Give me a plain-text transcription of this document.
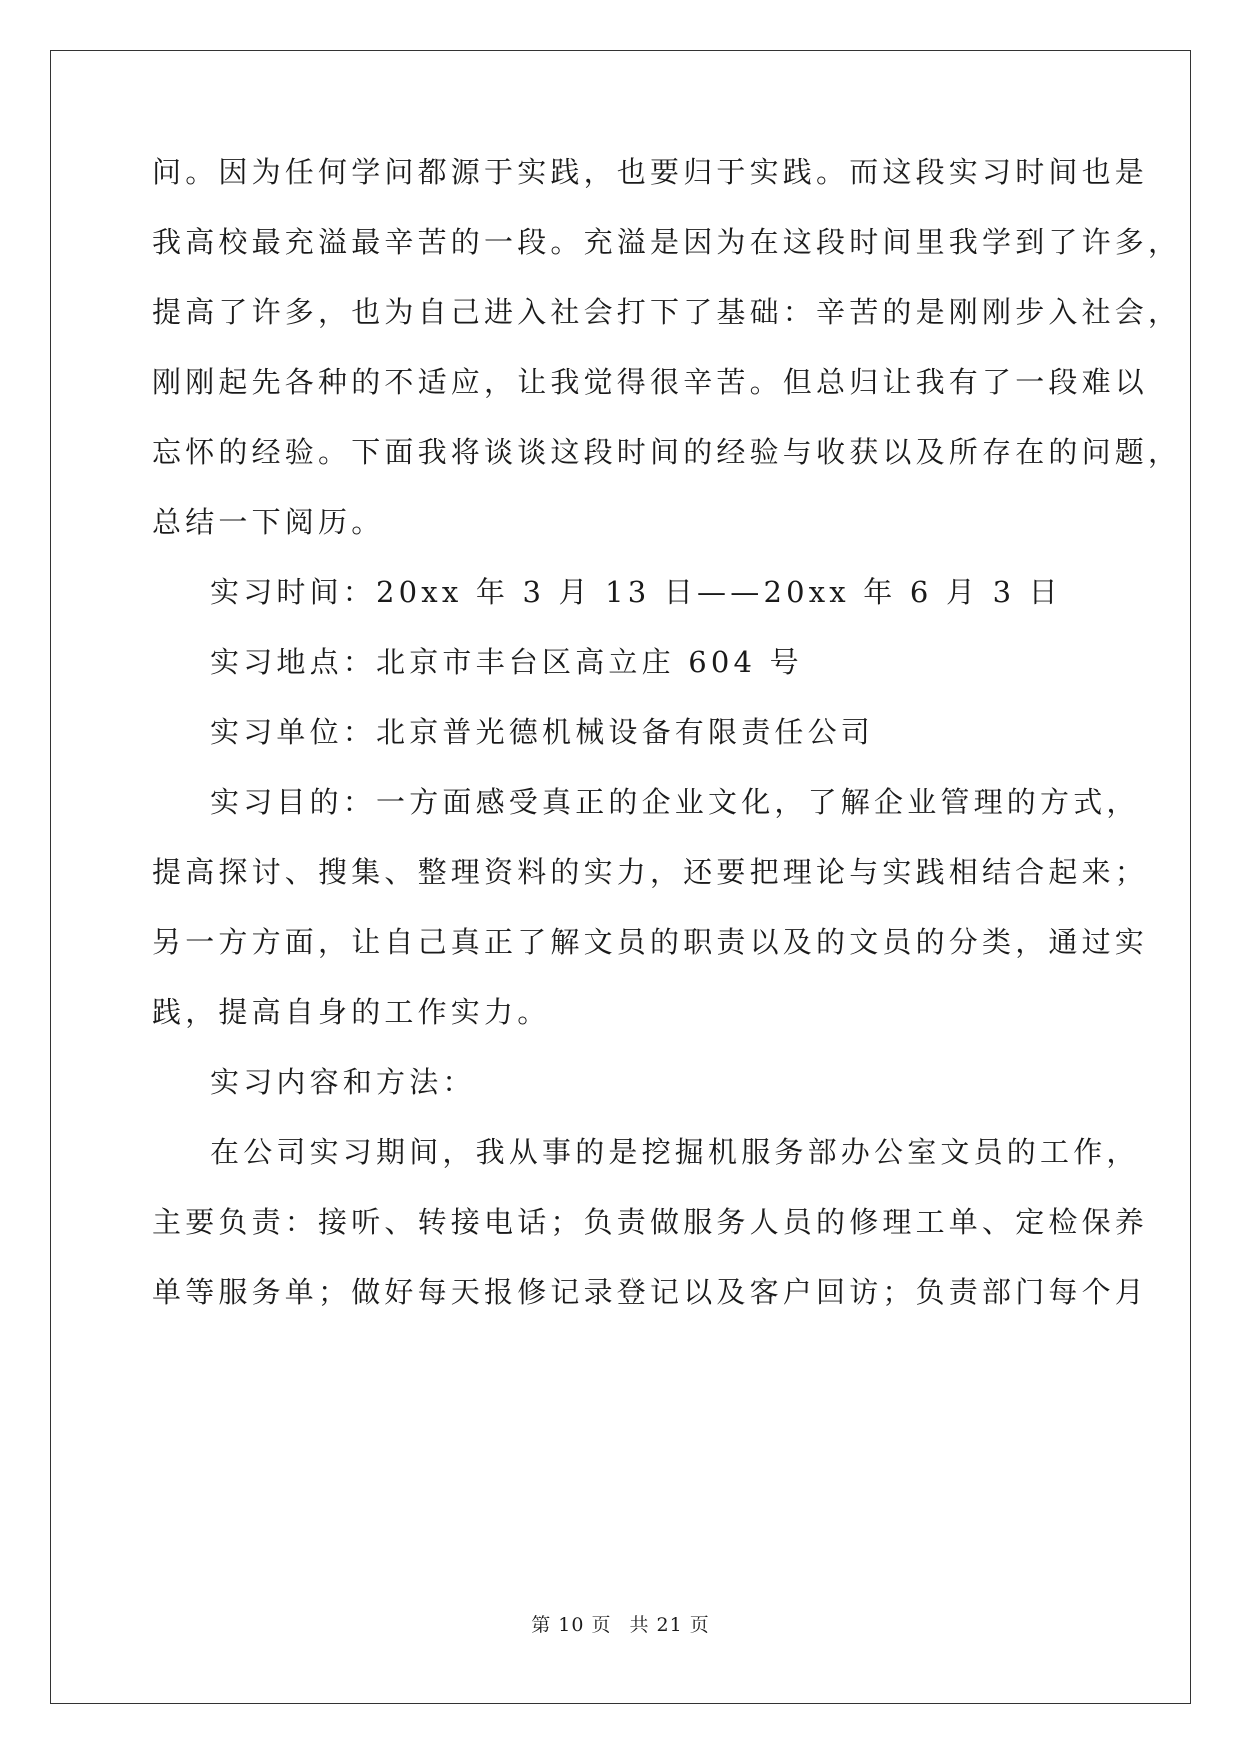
问。因为任何学问都源于实践，也要归于实践。而这段实习时间也是
我高校最充溢最辛苦的一段。充溢是因为在这段时间里我学到了许多，
提高了许多，也为自己进入社会打下了基础：辛苦的是刚刚步入社会，
刚刚起先各种的不适应，让我觉得很辛苦。但总归让我有了一段难以
忘怀的经验。下面我将谈谈这段时间的经验与收获以及所存在的问题，
总结一下阅历。
实习时间：20xx 年 3 月 13 日——20xx 年 6 月 3 日
实习地点：北京市丰台区高立庄 604 号
实习单位：北京普光德机械设备有限责任公司
实习目的：一方面感受真正的企业文化，了解企业管理的方式，
提高探讨、搜集、整理资料的实力，还要把理论与实践相结合起来；
另一方方面，让自己真正了解文员的职责以及的文员的分类，通过实
践，提高自身的工作实力。
实习内容和方法：
在公司实习期间，我从事的是挖掘机服务部办公室文员的工作，
主要负责：接听、转接电话；负责做服务人员的修理工单、定检保养
单等服务单；做好每天报修记录登记以及客户回访；负责部门每个月
第 10 页 共 21 页
